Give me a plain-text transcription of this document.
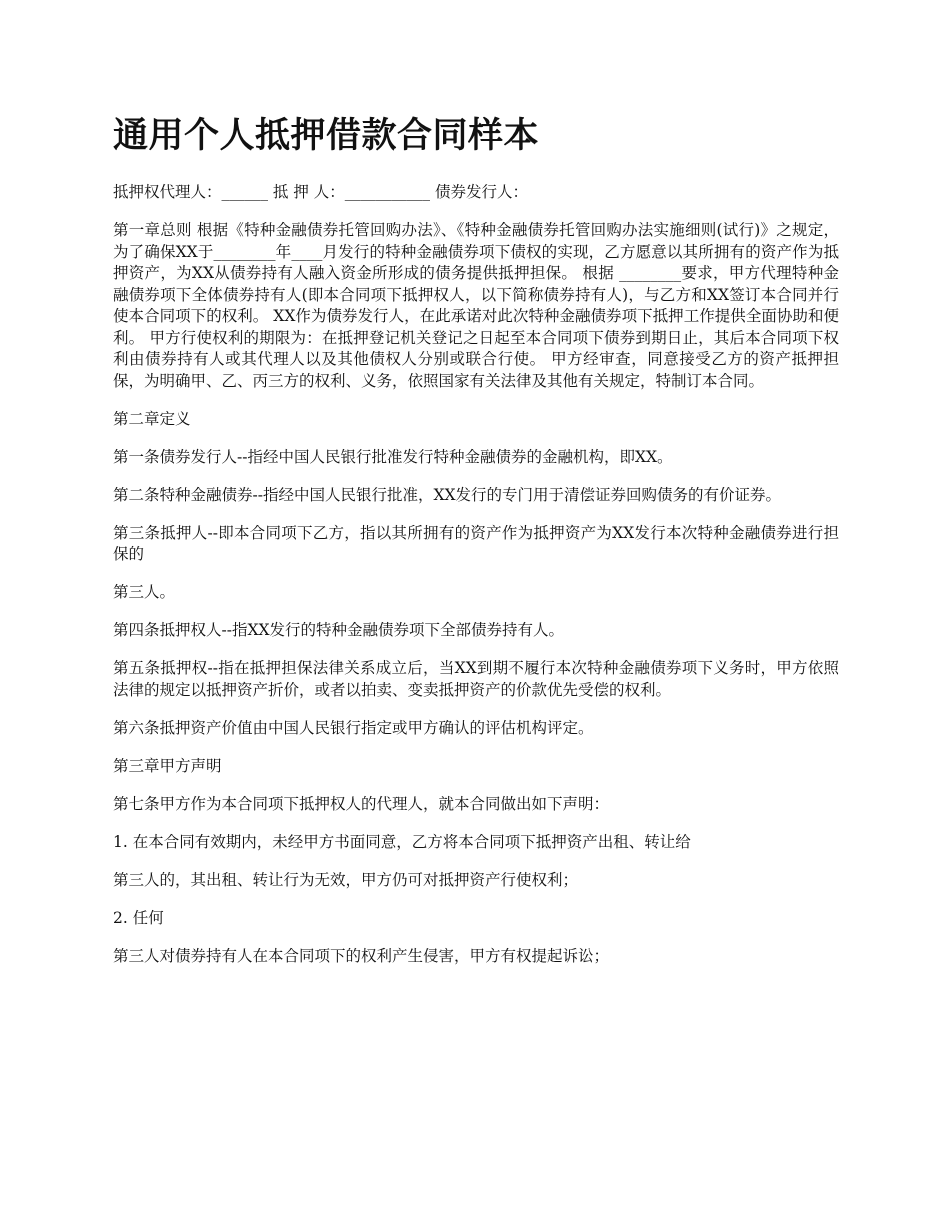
通用个人抵押借款合同样本

抵押权代理人：______ 抵 押 人：___________ 债券发行人：

第一章总则 根据《特种金融债券托管回购办法》、《特种金融债券托管回购办法实施细则(试行)》之规定，为了确保XX于________年____月发行的特种金融债券项下债权的实现，乙方愿意以其所拥有的资产作为抵押资产，为XX从债券持有人融入资金所形成的债务提供抵押担保。 根据 ________要求，甲方代理特种金融债券项下全体债券持有人(即本合同项下抵押权人，以下简称债券持有人)，与乙方和XX签订本合同并行使本合同项下的权利。 XX作为债券发行人，在此承诺对此次特种金融债券项下抵押工作提供全面协助和便利。 甲方行使权利的期限为：在抵押登记机关登记之日起至本合同项下债券到期日止，其后本合同项下权利由债券持有人或其代理人以及其他债权人分别或联合行使。 甲方经审查，同意接受乙方的资产抵押担保，为明确甲、乙、丙三方的权利、义务，依照国家有关法律及其他有关规定，特制订本合同。

第二章定义

第一条债券发行人--指经中国人民银行批准发行特种金融债券的金融机构，即XX。

第二条特种金融债券--指经中国人民银行批准，XX发行的专门用于清偿证券回购债务的有价证券。

第三条抵押人--即本合同项下乙方，指以其所拥有的资产作为抵押资产为XX发行本次特种金融债券进行担保的

第三人。

第四条抵押权人--指XX发行的特种金融债券项下全部债券持有人。

第五条抵押权--指在抵押担保法律关系成立后，当XX到期不履行本次特种金融债券项下义务时，甲方依照法律的规定以抵押资产折价，或者以拍卖、变卖抵押资产的价款优先受偿的权利。

第六条抵押资产价值由中国人民银行指定或甲方确认的评估机构评定。

第三章甲方声明

第七条甲方作为本合同项下抵押权人的代理人，就本合同做出如下声明：

1. 在本合同有效期内，未经甲方书面同意，乙方将本合同项下抵押资产出租、转让给

第三人的，其出租、转让行为无效，甲方仍可对抵押资产行使权利；

2. 任何

第三人对债券持有人在本合同项下的权利产生侵害，甲方有权提起诉讼；
